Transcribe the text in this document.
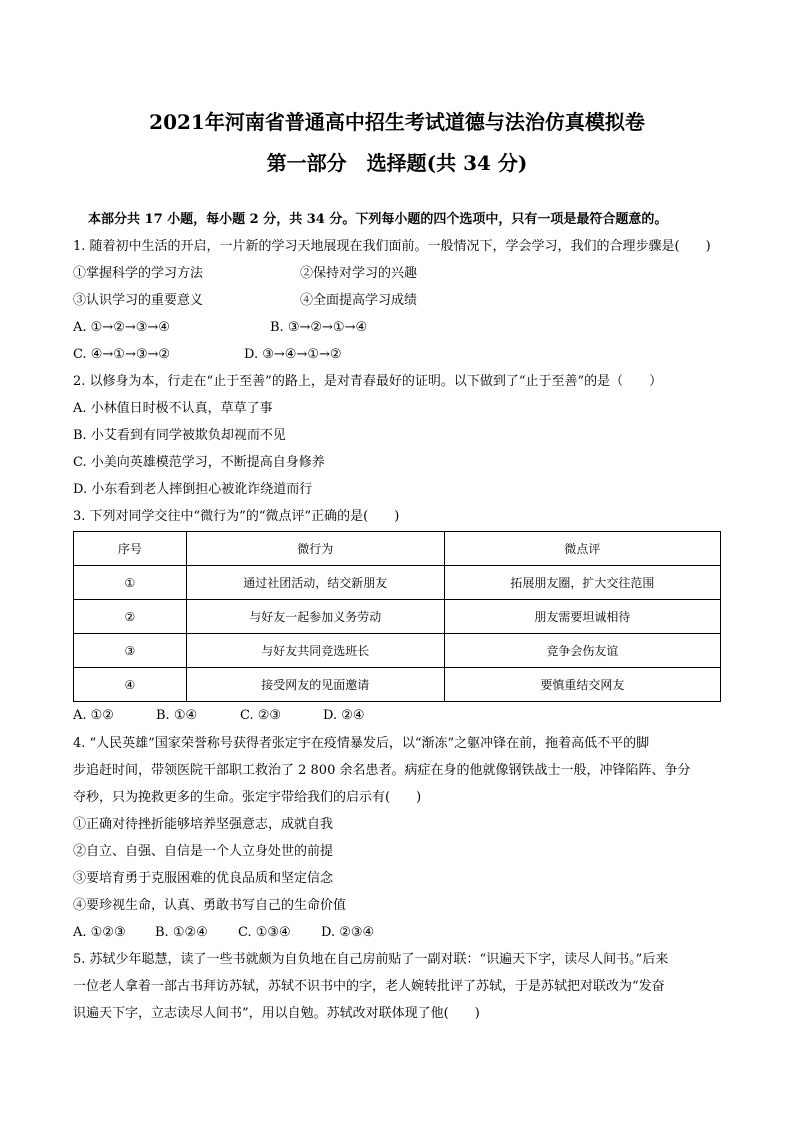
2021年河南省普通高中招生考试道德与法治仿真模拟卷
第一部分　选择题(共 34 分)
本部分共 17 小题，每小题 2 分，共 34 分。下列每小题的四个选项中，只有一项是最符合题意的。
1. 随着初中生活的开启，一片新的学习天地展现在我们面前。一般情况下，学会学习，我们的合理步骤是(　　)
①掌握科学的学习方法	②保持对学习的兴趣
③认识学习的重要意义	④全面提高学习成绩
A. ①→②→③→④	B. ③→②→①→④
C. ④→①→③→②	D. ③→④→①→②
2. 以修身为本，行走在“止于至善”的路上，是对青春最好的证明。以下做到了“止于至善”的是（　　）
A. 小林值日时极不认真，草草了事
B. 小艾看到有同学被欺负却视而不见
C. 小美向英雄模范学习，不断提高自身修养
D. 小东看到老人摔倒担心被讹诈绕道而行
3. 下列对同学交往中“微行为”的“微点评”正确的是(　　)
序号	微行为	微点评
①	通过社团活动，结交新朋友	拓展朋友圈，扩大交往范围
②	与好友一起参加义务劳动	朋友需要坦诚相待
③	与好友共同竞选班长	竞争会伤友谊
④	接受网友的见面邀请	要慎重结交网友
A. ①②	B. ①④	C. ②③	D. ②④
4. “人民英雄”国家荣誉称号获得者张定宇在疫情暴发后，以“渐冻”之躯冲锋在前，拖着高低不平的脚
步追赶时间，带领医院干部职工救治了 2 800 余名患者。病症在身的他就像钢铁战士一般，冲锋陷阵、争分
夺秒，只为挽救更多的生命。张定宇带给我们的启示有(　　)
①正确对待挫折能够培养坚强意志，成就自我
②自立、自强、自信是一个人立身处世的前提
③要培育勇于克服困难的优良品质和坚定信念
④要珍视生命，认真、勇敢书写自己的生命价值
A. ①②③ B. ①②④ C. ①③④ D. ②③④
5. 苏轼少年聪慧，读了一些书就颇为自负地在自己房前贴了一副对联：“识遍天下字，读尽人间书。”后来
一位老人拿着一部古书拜访苏轼，苏轼不识书中的字，老人婉转批评了苏轼，于是苏轼把对联改为“发奋
识遍天下字，立志读尽人间书”，用以自勉。苏轼改对联体现了他(　　)
